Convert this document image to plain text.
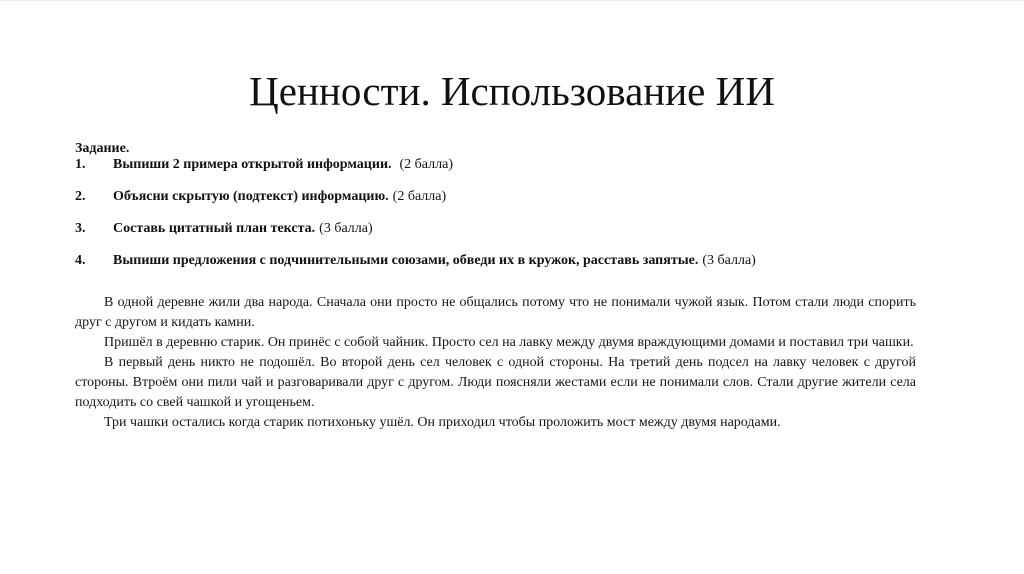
Ценности. Использование ИИ

Задание.

1.	Выпиши 2 примера открытой информации. (2 балла)
2.	Объясни скрытую (подтекст) информацию. (2 балла)
3.	Составь цитатный план текста. (3 балла)
4.	Выпиши предложения с подчинительными союзами, обведи их в кружок, расставь запятые. (3 балла)

В одной деревне жили два народа. Сначала они просто не общались потому что не понимали чужой язык. Потом стали люди спорить друг с другом и кидать камни.

Пришёл в деревню старик. Он принёс с собой чайник. Просто сел на лавку между двумя враждующими домами и поставил три чашки.

В первый день никто не подошёл. Во второй день сел человек с одной стороны. На третий день подсел на лавку человек с другой стороны. Втроём они пили чай и разговаривали друг с другом. Люди поясняли жестами если не понимали слов. Стали другие жители села подходить со свей чашкой и угощеньем.

Три чашки остались когда старик потихоньку ушёл. Он приходил чтобы проложить мост между двумя народами.
